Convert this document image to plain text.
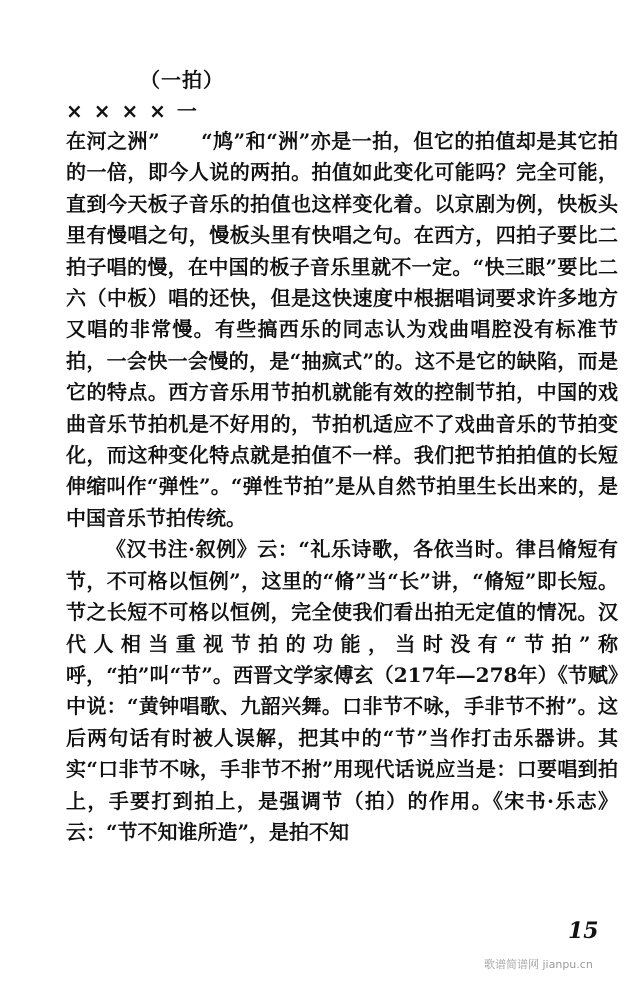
（一拍）

× × × × 一

在河之洲”　　“鸠”和“洲”亦是一拍，但它的拍值却是其它拍的一倍，即今人说的两拍。拍值如此变化可能吗？完全可能，直到今天板子音乐的拍值也这样变化着。以京剧为例，快板头里有慢唱之句，慢板头里有快唱之句。在西方，四拍子要比二拍子唱的慢，在中国的板子音乐里就不一定。“快三眼”要比二六（中板）唱的还快，但是这快速度中根据唱词要求许多地方又唱的非常慢。有些搞西乐的同志认为戏曲唱腔没有标准节拍，一会快一会慢的，是“抽疯式”的。这不是它的缺陷，而是它的特点。西方音乐用节拍机就能有效的控制节拍，中国的戏曲音乐节拍机是不好用的，节拍机适应不了戏曲音乐的节拍变化，而这种变化特点就是拍值不一样。我们把节拍拍值的长短伸缩叫作“弹性”。“弹性节拍”是从自然节拍里生长出来的，是中国音乐节拍传统。

《汉书注·叙例》云：“礼乐诗歌，各依当时。律吕脩短有节，不可格以恒例”，这里的“脩”当“长”讲，“脩短”即长短。节之长短不可格以恒例，完全使我们看出拍无定值的情况。汉代人相当重视节拍的功能，当时没有“节拍”称呼，“拍”叫“节”。西晋文学家傅玄（217年—278年）《节赋》中说：“黄钟唱歌、九韶兴舞。口非节不咏，手非节不拊”。这后两句话有时被人误解，把其中的“节”当作打击乐器讲。其实“口非节不咏，手非节不拊”用现代话说应当是：口要唱到拍上，手要打到拍上，是强调节（拍）的作用。《宋书·乐志》云：“节不知谁所造”，是拍不知

15

歌谱简谱网 jianpu.cn
